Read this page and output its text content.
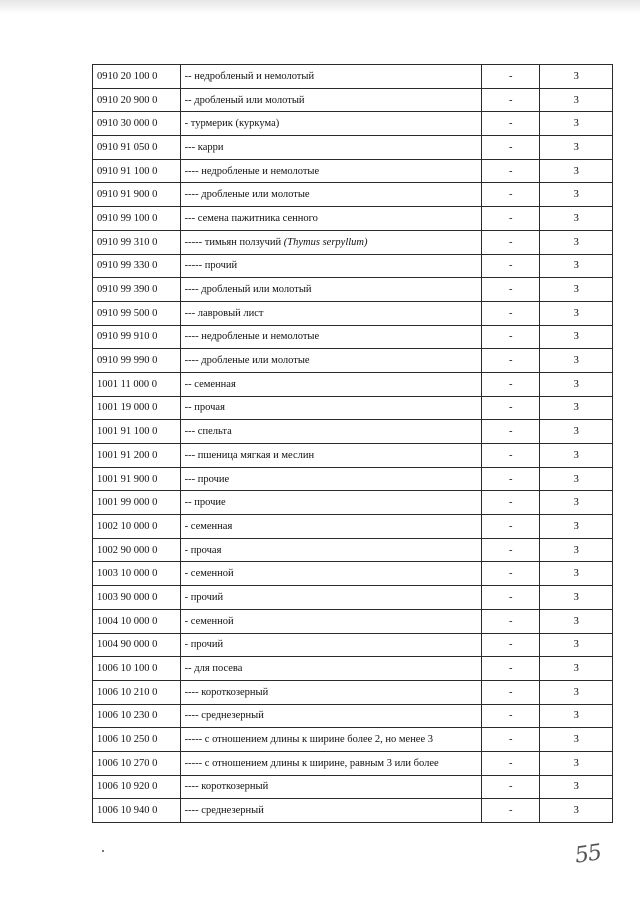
0910 20 100 0	-- недробленый и немолотый	-	3
0910 20 900 0	-- дробленый или молотый	-	3
0910 30 000 0	- турмерик (куркума)	-	3
0910 91 050 0	--- карри	-	3
0910 91 100 0	---- недробленые и немолотые	-	3
0910 91 900 0	---- дробленые или молотые	-	3
0910 99 100 0	--- семена пажитника сенного	-	3
0910 99 310 0	----- тимьян ползучий (Thymus serpyllum)	-	3
0910 99 330 0	----- прочий	-	3
0910 99 390 0	---- дробленый или молотый	-	3
0910 99 500 0	--- лавровый лист	-	3
0910 99 910 0	---- недробленые и немолотые	-	3
0910 99 990 0	---- дробленые или молотые	-	3
1001 11 000 0	-- семенная	-	3
1001 19 000 0	-- прочая	-	3
1001 91 100 0	--- спельта	-	3
1001 91 200 0	--- пшеница мягкая и меслин	-	3
1001 91 900 0	--- прочие	-	3
1001 99 000 0	-- прочие	-	3
1002 10 000 0	- семенная	-	3
1002 90 000 0	- прочая	-	3
1003 10 000 0	- семенной	-	3
1003 90 000 0	- прочий	-	3
1004 10 000 0	- семенной	-	3
1004 90 000 0	- прочий	-	3
1006 10 100 0	-- для посева	-	3
1006 10 210 0	---- короткозерный	-	3
1006 10 230 0	---- среднезерный	-	3
1006 10 250 0	----- с отношением длины к ширине более 2, но менее 3	-	3
1006 10 270 0	----- с отношением длины к ширине, равным 3 или более	-	3
1006 10 920 0	---- короткозерный	-	3
1006 10 940 0	---- среднезерный	-	3
55
